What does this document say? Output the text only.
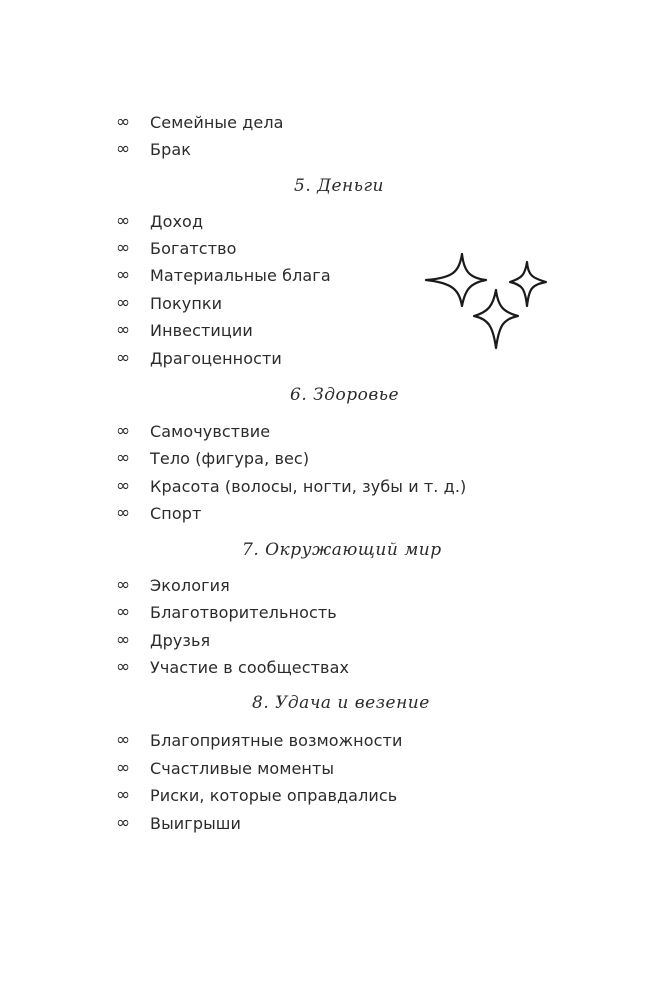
∞	Семейные дела
∞	Брак
5. Деньги
∞	Доход
∞	Богатство
∞	Материальные блага
∞	Покупки
∞	Инвестиции
∞	Драгоценности
6. Здоровье
∞	Самочувствие
∞	Тело (фигура, вес)
∞	Красота (волосы, ногти, зубы и т. д.)
∞	Спорт
7. Окружающий мир
∞	Экология
∞	Благотворительность
∞	Друзья
∞	Участие в сообществах
8. Удача и везение
∞	Благоприятные возможности
∞	Счастливые моменты
∞	Риски, которые оправдались
∞	Выигрыши
